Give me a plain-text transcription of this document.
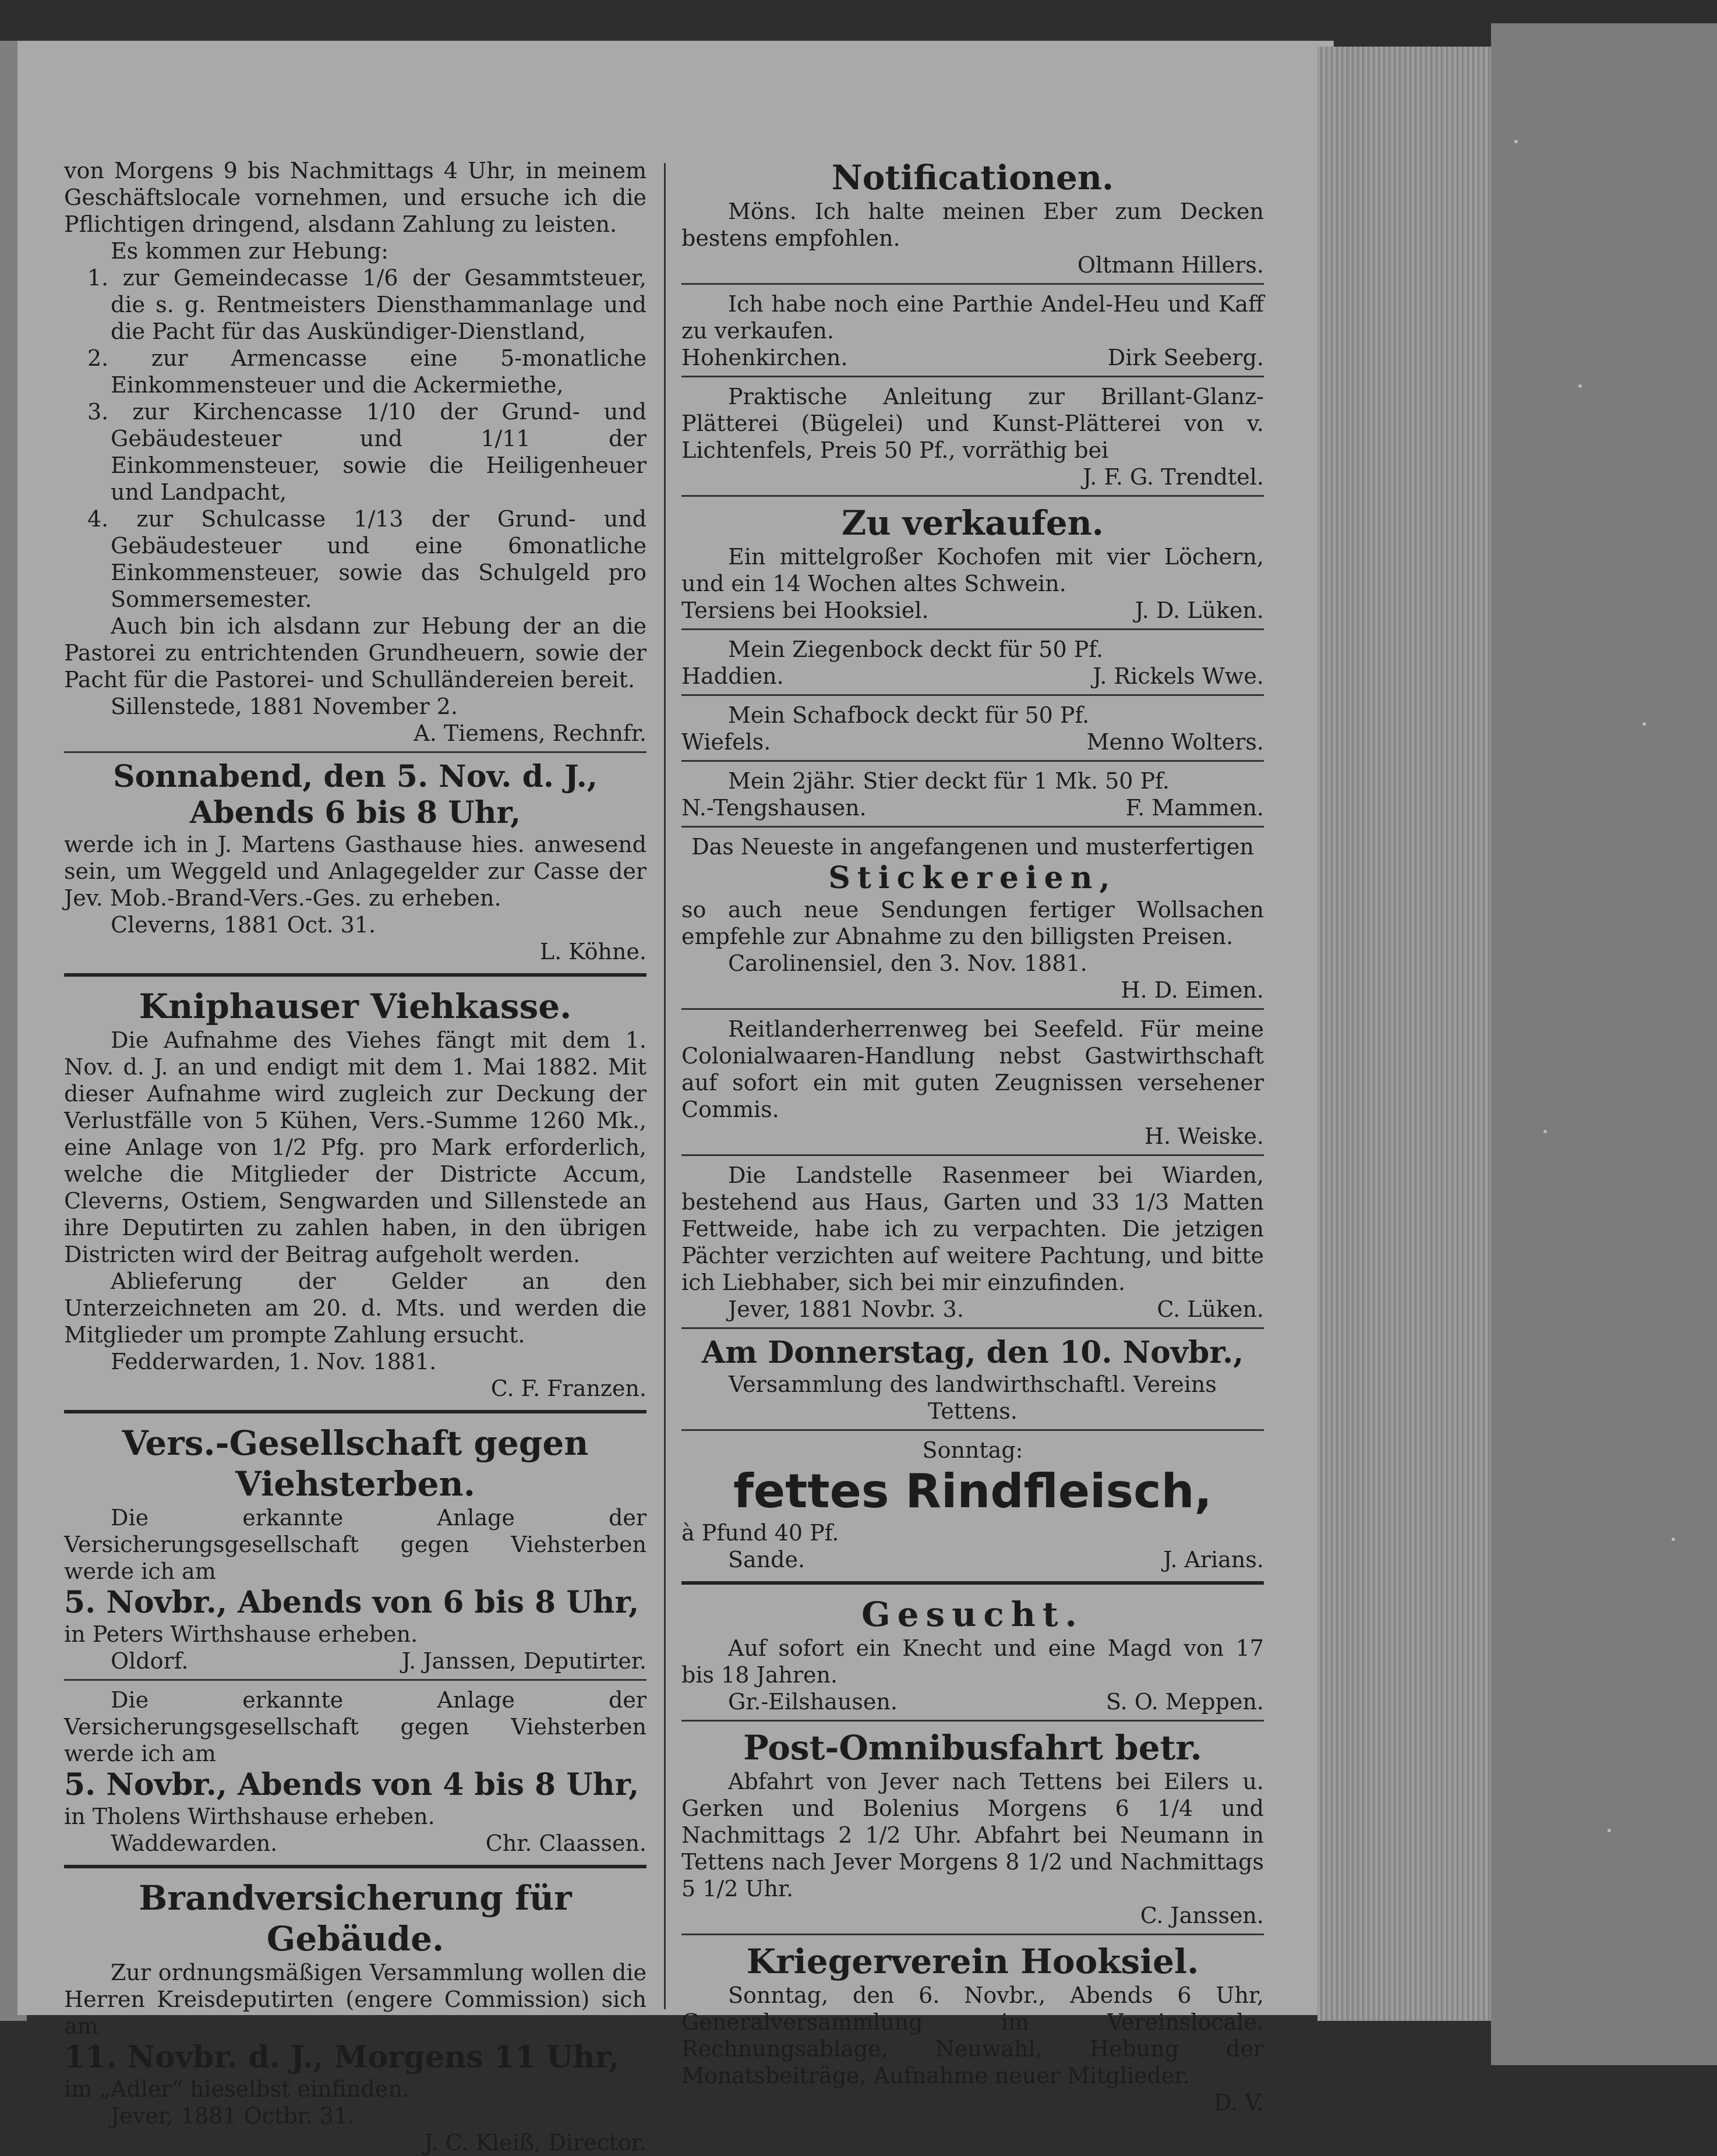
von Morgens 9 bis Nachmittags 4 Uhr, in meinem Geschäftslocale vornehmen, und ersuche ich die Pflichtigen dringend, alsdann Zahlung zu leisten.

Es kommen zur Hebung:

1. zur Gemeindecasse 1/6 der Gesammtsteuer, die s. g. Rentmeisters Diensthammanlage und die Pacht für das Auskündiger-Dienstland,

2. zur Armencasse eine 5-monatliche Einkommensteuer und die Ackermiethe,

3. zur Kirchencasse 1/10 der Grund- und Gebäudesteuer und 1/11 der Einkommensteuer, sowie die Heiligenheuer und Landpacht,

4. zur Schulcasse 1/13 der Grund- und Gebäudesteuer und eine 6monatliche Einkommensteuer, sowie das Schulgeld pro Sommersemester.

Auch bin ich alsdann zur Hebung der an die Pastorei zu entrichtenden Grundheuern, sowie der Pacht für die Pastorei- und Schulländereien bereit.

Sillenstede, 1881 November 2.

A. Tiemens, Rechnfr.

Sonnabend, den 5. Nov. d. J.,

Abends 6 bis 8 Uhr,

werde ich in J. Martens Gasthause hies. anwesend sein, um Weggeld und Anlagegelder zur Casse der Jev. Mob.-Brand-Vers.-Ges. zu erheben.

Cleverns, 1881 Oct. 31.

L. Köhne.

Kniphauser Viehkasse.

Die Aufnahme des Viehes fängt mit dem 1. Nov. d. J. an und endigt mit dem 1. Mai 1882. Mit dieser Aufnahme wird zugleich zur Deckung der Verlustfälle von 5 Kühen, Vers.-Summe 1260 Mk., eine Anlage von 1/2 Pfg. pro Mark erforderlich, welche die Mitglieder der Districte Accum, Cleverns, Ostiem, Sengwarden und Sillenstede an ihre Deputirten zu zahlen haben, in den übrigen Districten wird der Beitrag aufgeholt werden.

Ablieferung der Gelder an den Unterzeichneten am 20. d. Mts. und werden die Mitglieder um prompte Zahlung ersucht.

Fedderwarden, 1. Nov. 1881.

C. F. Franzen.

Vers.-Gesellschaft gegen Viehsterben.

Die erkannte Anlage der Versicherungsgesellschaft gegen Viehsterben werde ich am

5. Novbr., Abends von 6 bis 8 Uhr,

in Peters Wirthshause erheben.

Oldorf.	J. Janssen, Deputirter.

Die erkannte Anlage der Versicherungsgesellschaft gegen Viehsterben werde ich am

5. Novbr., Abends von 4 bis 8 Uhr,

in Tholens Wirthshause erheben.

Waddewarden.	Chr. Claassen.

Brandversicherung für Gebäude.

Zur ordnungsmäßigen Versammlung wollen die Herren Kreisdeputirten (engere Commission) sich am

11. Novbr. d. J., Morgens 11 Uhr,

im „Adler“ hieselbst einfinden.

Jever, 1881 Octbr. 31.

J. C. Kleiß, Director.

Notificationen.

Möns. Ich halte meinen Eber zum Decken bestens empfohlen.

Oltmann Hillers.

Ich habe noch eine Parthie Andel-Heu und Kaff zu verkaufen.

Hohenkirchen.	Dirk Seeberg.

Praktische Anleitung zur Brillant-Glanz-Plätterei (Bügelei) und Kunst-Plätterei von v. Lichtenfels, Preis 50 Pf., vorräthig bei

J. F. G. Trendtel.

Zu verkaufen.

Ein mittelgroßer Kochofen mit vier Löchern, und ein 14 Wochen altes Schwein.

Tersiens bei Hooksiel.	J. D. Lüken.

Mein Ziegenbock deckt für 50 Pf.

Haddien.	J. Rickels Wwe.

Mein Schafbock deckt für 50 Pf.

Wiefels.	Menno Wolters.

Mein 2jähr. Stier deckt für 1 Mk. 50 Pf.

N.-Tengshausen.	F. Mammen.

Das Neueste in angefangenen und musterfertigen

Stickereien,

so auch neue Sendungen fertiger Wollsachen empfehle zur Abnahme zu den billigsten Preisen.

Carolinensiel, den 3. Nov. 1881.

H. D. Eimen.

Reitlanderherrenweg bei Seefeld. Für meine Colonialwaaren-Handlung nebst Gastwirthschaft auf sofort ein mit guten Zeugnissen versehener Commis.

H. Weiske.

Die Landstelle Rasenmeer bei Wiarden, bestehend aus Haus, Garten und 33 1/3 Matten Fettweide, habe ich zu verpachten. Die jetzigen Pächter verzichten auf weitere Pachtung, und bitte ich Liebhaber, sich bei mir einzufinden.

Jever, 1881 Novbr. 3.	C. Lüken.

Am Donnerstag, den 10. Novbr.,

Versammlung des landwirthschaftl. Vereins Tettens.

Sonntag:

fettes Rindfleisch,

à Pfund 40 Pf.

Sande.	J. Arians.

Gesucht.

Auf sofort ein Knecht und eine Magd von 17 bis 18 Jahren.

Gr.-Eilshausen.	S. O. Meppen.

Post-Omnibusfahrt betr.

Abfahrt von Jever nach Tettens bei Eilers u. Gerken und Bolenius Morgens 6 1/4 und Nachmittags 2 1/2 Uhr. Abfahrt bei Neumann in Tettens nach Jever Morgens 8 1/2 und Nachmittags 5 1/2 Uhr.

C. Janssen.

Kriegerverein Hooksiel.

Sonntag, den 6. Novbr., Abends 6 Uhr, Generalversammlung im Vereinslocale. Rechnungsablage, Neuwahl, Hebung der Monatsbeiträge, Aufnahme neuer Mitglieder.

D. V.
